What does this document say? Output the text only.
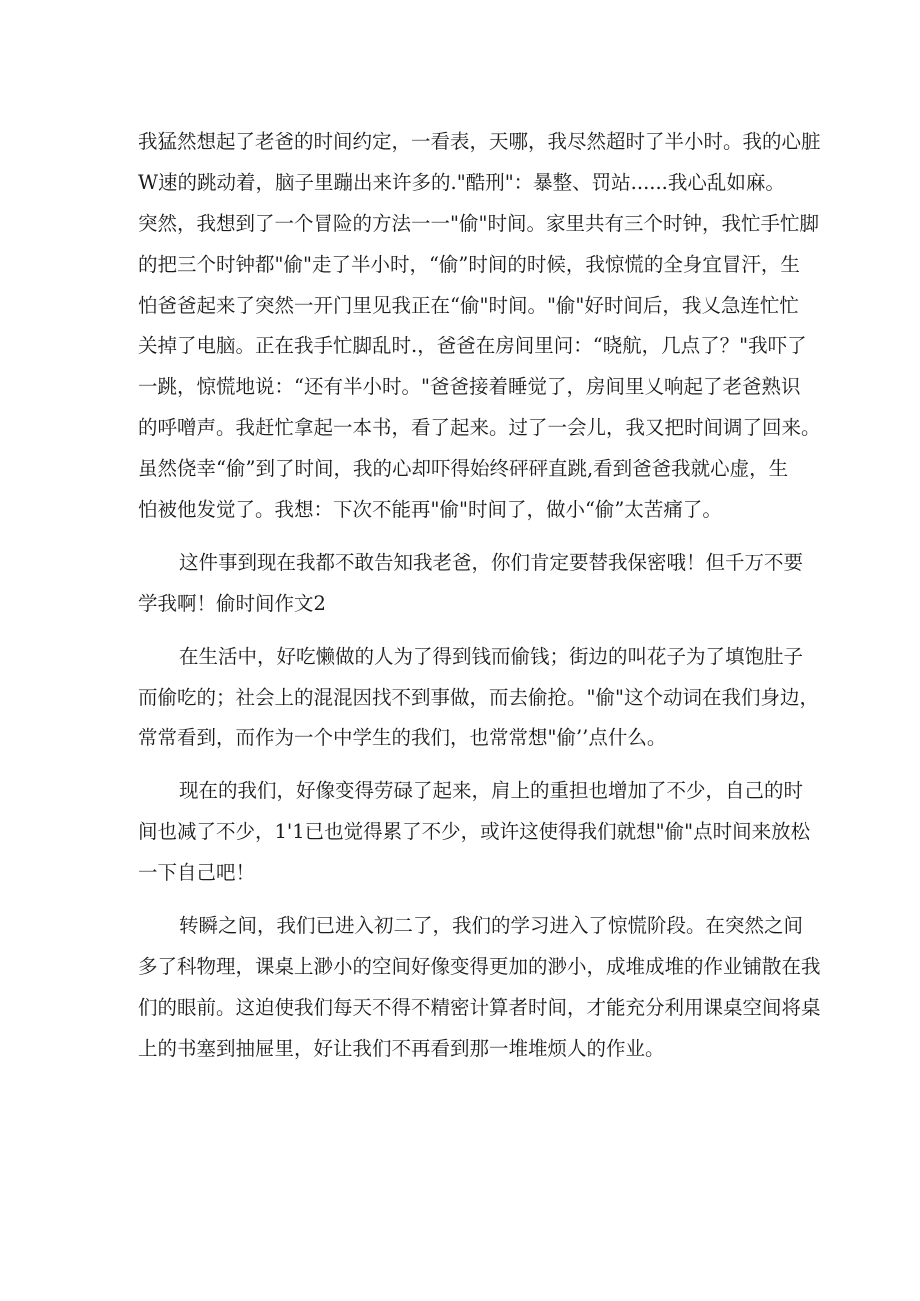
我猛然想起了老爸的时间约定，一看表，天哪，我尽然超时了半小时。我的心脏
W速的跳动着，脑子里蹦出来许多的."酷刑"：暴整、罚站......我心乱如麻。
突然，我想到了一个冒险的方法一一"偷"时间。家里共有三个时钟，我忙手忙脚
的把三个时钟都"偷"走了半小时，“偷”时间的时候，我惊慌的全身宜冒汗，生
怕爸爸起来了突然一开门里见我正在“偷"时间。"偷"好时间后，我乂急连忙忙
关掉了电脑。正在我手忙脚乱时.，爸爸在房间里问：“晓航，几点了？"我吓了
一跳，惊慌地说：“还有半小时。"爸爸接着睡觉了，房间里乂响起了老爸熟识
的呼噌声。我赶忙拿起一本书，看了起来。过了一会儿，我又把时间调了回来。
虽然侥幸“偷”到了时间，我的心却吓得始终砰砰直跳,看到爸爸我就心虚，生
怕被他发觉了。我想：下次不能再"偷"时间了，做小“偷”太苦痛了。
这件事到现在我都不敢告知我老爸，你们肯定要替我保密哦！但千万不要
学我啊！偷时间作文2
在生活中，好吃懒做的人为了得到钱而偷钱；街边的叫花子为了填饱肚子
而偷吃的；社会上的混混因找不到事做，而去偷抢。"偷"这个动词在我们身边，
常常看到，而作为一个中学生的我们，也常常想"偷’’点什么。
现在的我们，好像变得劳碌了起来，肩上的重担也增加了不少，自己的时
间也减了不少，1'1已也觉得累了不少，或许这使得我们就想"偷"点时间来放松
一下自己吧！
转瞬之间，我们已进入初二了，我们的学习进入了惊慌阶段。在突然之间
多了科物理，课桌上渺小的空间好像变得更加的渺小，成堆成堆的作业铺散在我
们的眼前。这迫使我们每天不得不精密计算者时间，才能充分利用课桌空间将桌
上的书塞到抽屉里，好让我们不再看到那一堆堆烦人的作业。
